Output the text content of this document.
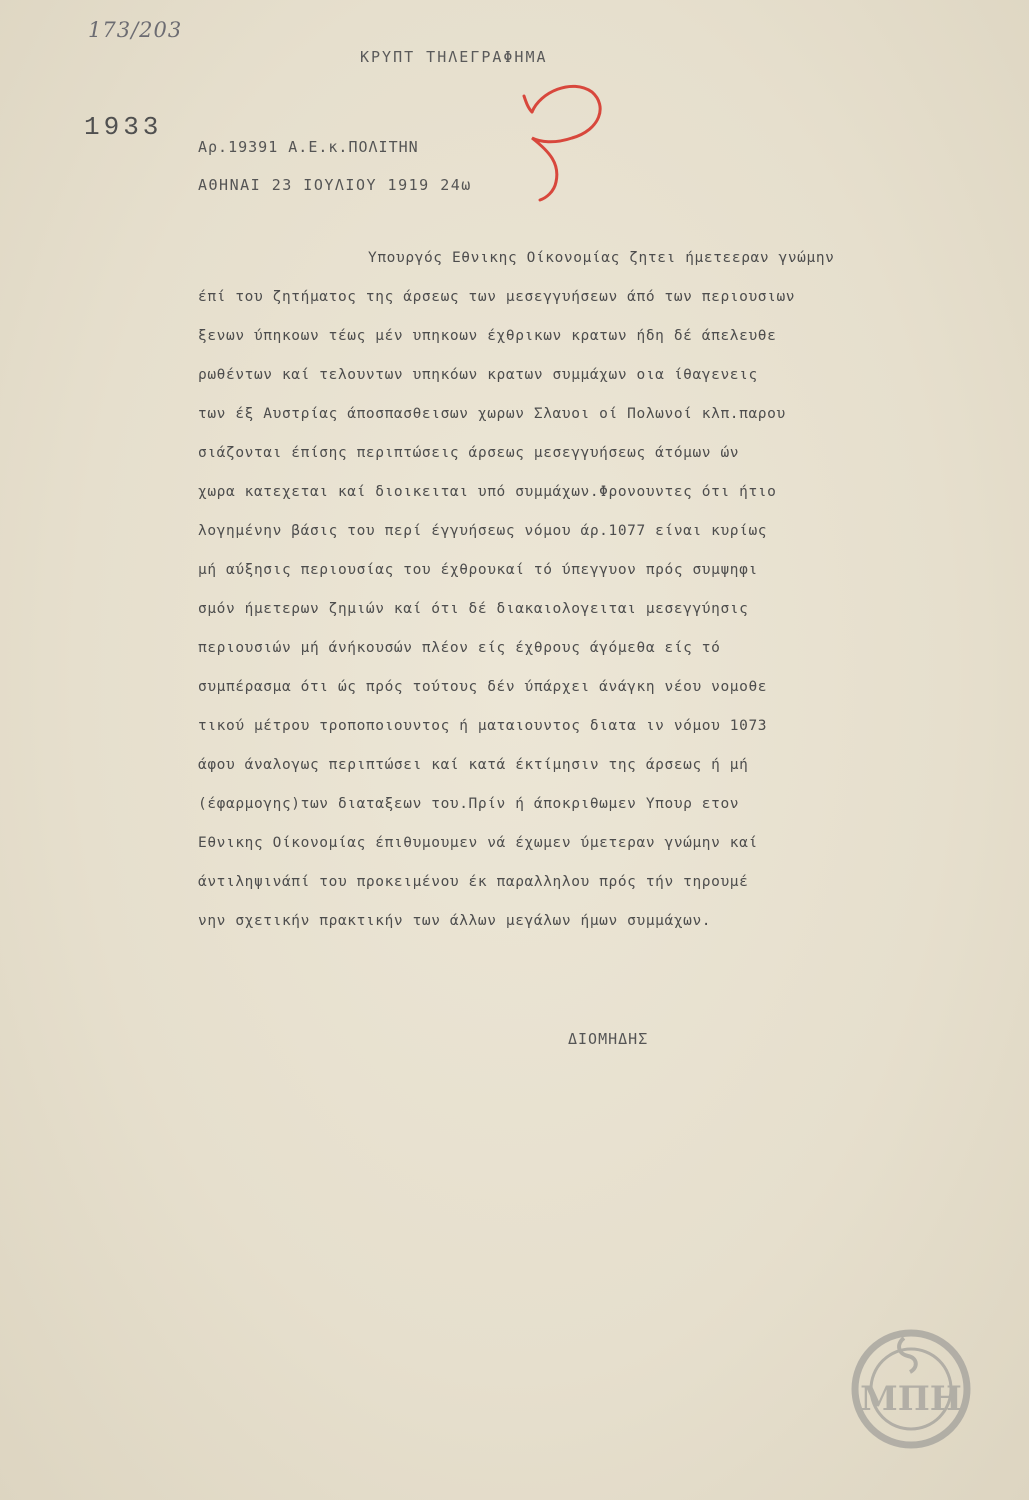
173/203
1933
ΚΡΥΠΤ ΤΗΛΕΓΡΑΦΗΜΑ
Αρ.19391 Α.Ε.κ.ΠΟΛΙΤΗΝ
ΑΘΗΝΑΙ 23 ΙΟΥΛΙΟΥ 1919 24ω
Υπουργός Εθνικης Οίκονομίας ζητει ήμετεεραν γνώμην
έπί του ζητήματος της άρσεως των μεσεγγυήσεων άπό των περιουσιων
ξενων ύπηκοων τέως μέν υπηκοων έχθρικων κρατων ήδη δέ άπελευθε
ρωθέντων καί τελουντων υπηκόων κρατων συμμάχων οια ίθαγενεις
των έξ Αυστρίας άποσπασθεισων χωρων Σλαυοι οί Πολωνοί κλπ.παρου
σιάζονται έπίσης περιπτώσεις άρσεως μεσεγγυήσεως άτόμων ών
χωρα κατεχεται καί διοικειται υπό συμμάχων.Φρονουντες ότι ήτιο
λογημένην βάσις του περί έγγυήσεως νόμου άρ.1077 είναι κυρίως
μή αύξησις περιουσίας του έχθρουκαί τό ύπεγγυον πρός συμψηφι
σμόν ήμετερων ζημιών καί ότι δέ διακαιολογειται μεσεγγύησις
περιουσιών μή άνήκουσών πλέον είς έχθρους άγόμεθα είς τό
συμπέρασμα ότι ώς πρός τούτους δέν ύπάρχει άνάγκη νέου νομοθε
τικού μέτρου τροποποιουντος ή ματαιουντος διατα ιν νόμου 1073
άφου άναλογως περιπτώσει καί κατά έκτίμησιν της άρσεως ή μή
(έφαρμογης)των διαταξεων του.Πρίν ή άποκριθωμεν Υπουρ ετον
Εθνικης Οίκονομίας έπιθυμουμεν νά έχωμεν ύμετεραν γνώμην καί
άντιληψινάπί του προκειμένου έκ παραλληλου πρός τήν τηρουμέ
νην σχετικήν πρακτικήν των άλλων μεγάλων ήμων συμμάχων.
ΔΙΟΜΗΔΗΣ
ΜΠΗ
